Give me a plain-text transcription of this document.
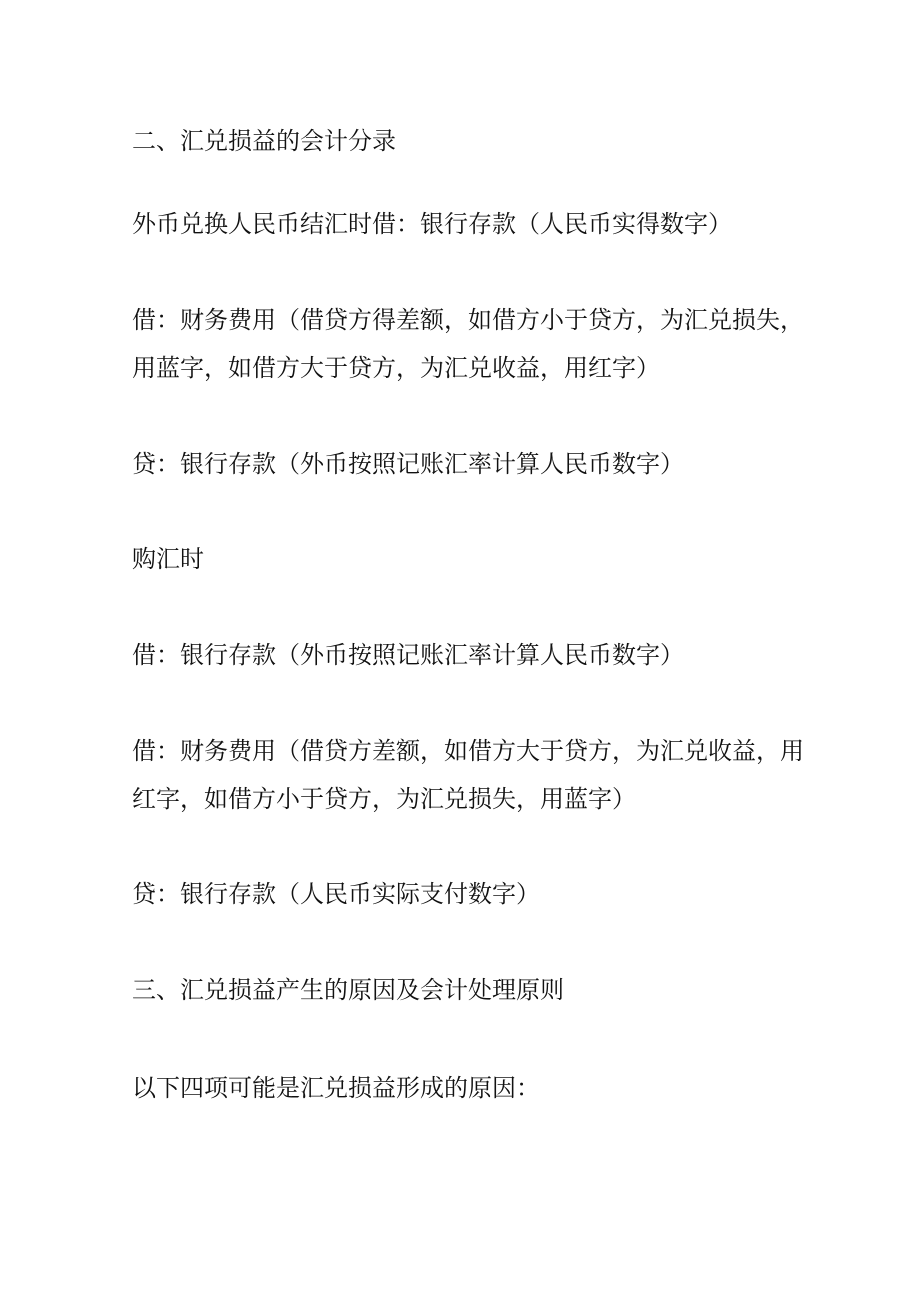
二、汇兑损益的会计分录
外币兑换人民币结汇时借：银行存款（人民币实得数字）
借：财务费用（借贷方得差额，如借方小于贷方，为汇兑损失，
用蓝字，如借方大于贷方，为汇兑收益，用红字）
贷：银行存款（外币按照记账汇率计算人民币数字）
购汇时
借：银行存款（外币按照记账汇率计算人民币数字）
借：财务费用（借贷方差额，如借方大于贷方，为汇兑收益，用
红字，如借方小于贷方，为汇兑损失，用蓝字）
贷：银行存款（人民币实际支付数字）
三、汇兑损益产生的原因及会计处理原则
以下四项可能是汇兑损益形成的原因：
